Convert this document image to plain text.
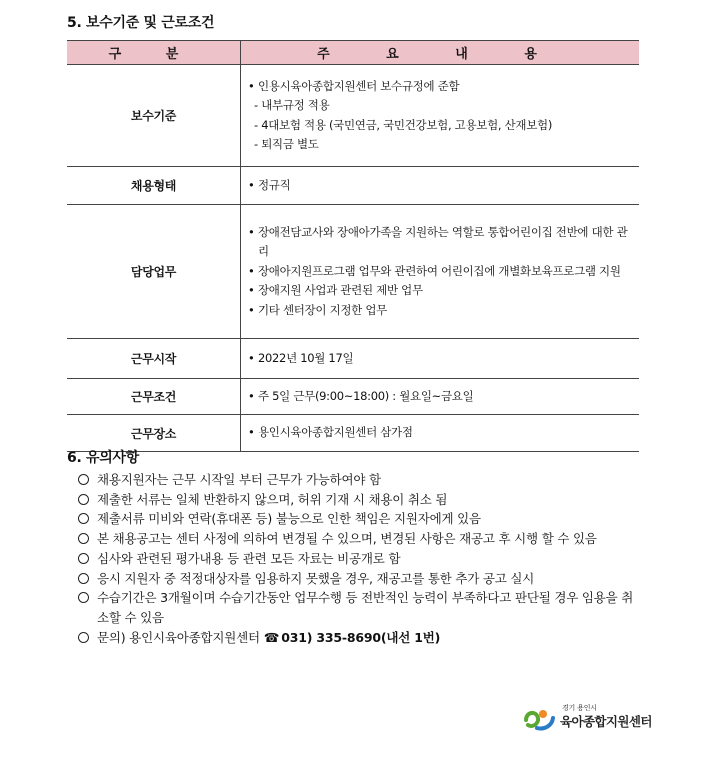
5. 보수기준 및 근로조건
구 분	주 요 내 용
보수기준	• 인용시육아종합지원센터 보수규정에 준함
- 내부규정 적용
- 4대보험 적용 (국민연금, 국민건강보험, 고용보험, 산재보험)
- 퇴직금 별도

채용형태	• 정규직

담당업무	• 장애전담교사와 장애아가족을 지원하는 역할로 통합어린이집 전반에 대한 관리
• 장애아지원프로그램 업무와 관련하여 어린이집에 개별화보육프로그램 지원
• 장애지원 사업과 관련된 제반 업무
• 기타 센터장이 지정한 업무

근무시작	• 2022년 10월 17일

근무조건	• 주 5일 근무(9:00~18:00) : 월요일~금요일

근무장소	• 용인시육아종합지원센터 삼가점
6. 유의사항
채용지원자는 근무 시작일 부터 근무가 가능하여야 함
제출한 서류는 일체 반환하지 않으며, 허위 기재 시 채용이 취소 됨
제출서류 미비와 연락(휴대폰 등) 불능으로 인한 책임은 지원자에게 있음
본 채용공고는 센터 사정에 의하여 변경될 수 있으며, 변경된 사항은 재공고 후 시행 할 수 있음
심사와 관련된 평가내용 등 관련 모든 자료는 비공개로 함
응시 지원자 중 적정대상자를 임용하지 못했을 경우, 재공고를 통한 추가 공고 실시
수습기간은 3개월이며 수습기간동안 업무수행 등 전반적인 능력이 부족하다고 판단될 경우 임용을 취소할 수 있음
문의) 용인시육아종합지원센터 ☎ 031) 335-8690(내선 1번)
경기 용인시
육아종합지원센터
